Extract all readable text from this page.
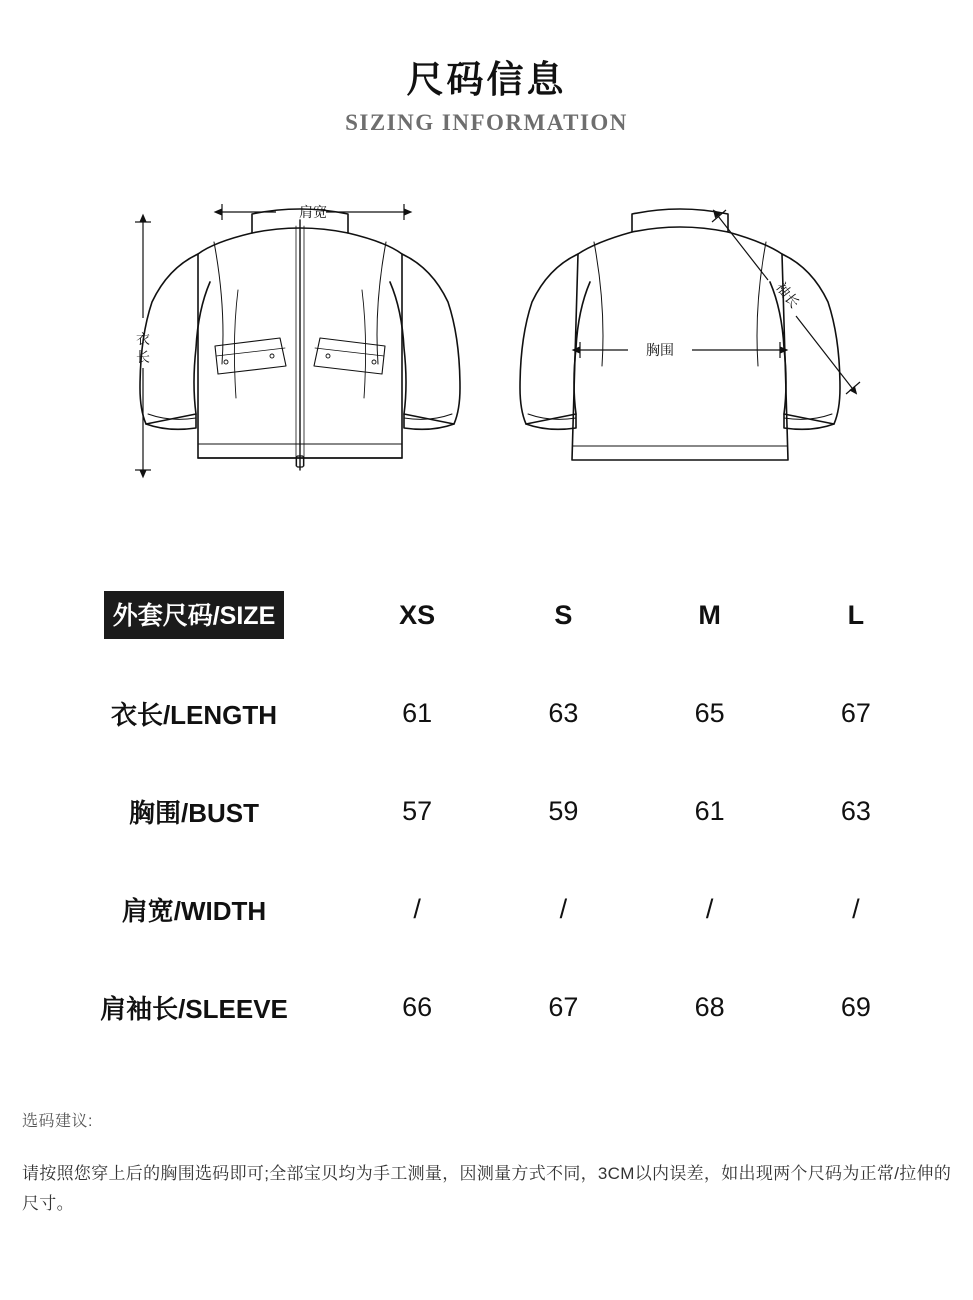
尺码信息
SIZING INFORMATION
肩宽
衣
长	胸围
袖长
外套尺码/SIZE	XS	S	M	L
衣长/LENGTH	61	63	65	67
胸围/BUST	57	59	61	63
肩宽/WIDTH	/	/	/	/
肩袖长/SLEEVE	66	67	68	69
选码建议:
请按照您穿上后的胸围选码即可;全部宝贝均为手工测量，因测量方式不同，3CM以内误差，如出现两个尺码为正常/拉伸的尺寸。
